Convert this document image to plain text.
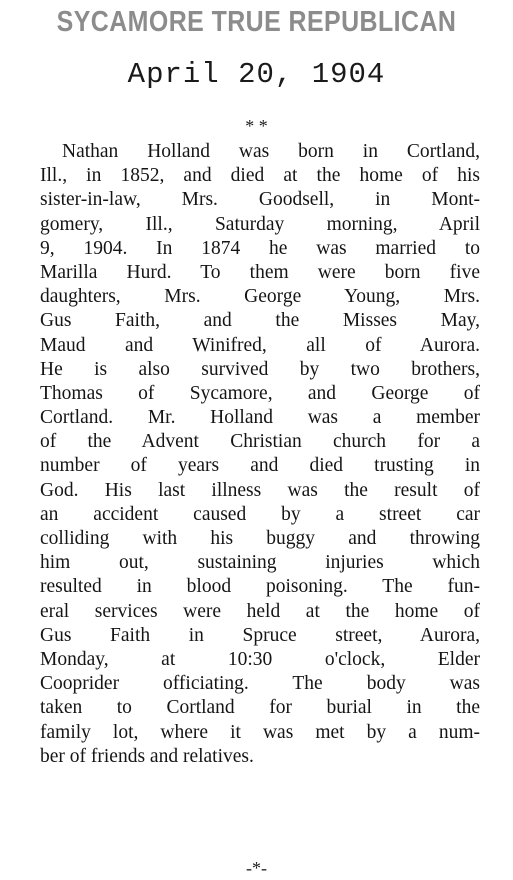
SYCAMORE TRUE REPUBLICAN
April 20, 1904
* *
Nathan Holland was born in Cortland,
Ill., in 1852, and died at the home of his
sister-in-law, Mrs. Goodsell, in Mont-
gomery, Ill., Saturday morning, April
9, 1904. In 1874 he was married to
Marilla Hurd. To them were born five
daughters, Mrs. George Young, Mrs.
Gus Faith, and the Misses May,
Maud and Winifred, all of Aurora.
He is also survived by two brothers,
Thomas of Sycamore, and George of
Cortland. Mr. Holland was a member
of the Advent Christian church for a
number of years and died trusting in
God. His last illness was the result of
an accident caused by a street car
colliding with his buggy and throwing
him out, sustaining injuries which
resulted in blood poisoning. The fun-
eral services were held at the home of
Gus Faith in Spruce street, Aurora,
Monday, at 10:30 o'clock, Elder
Cooprider officiating. The body was
taken to Cortland for burial in the
family lot, where it was met by a num-
ber of friends and relatives.
-*-
